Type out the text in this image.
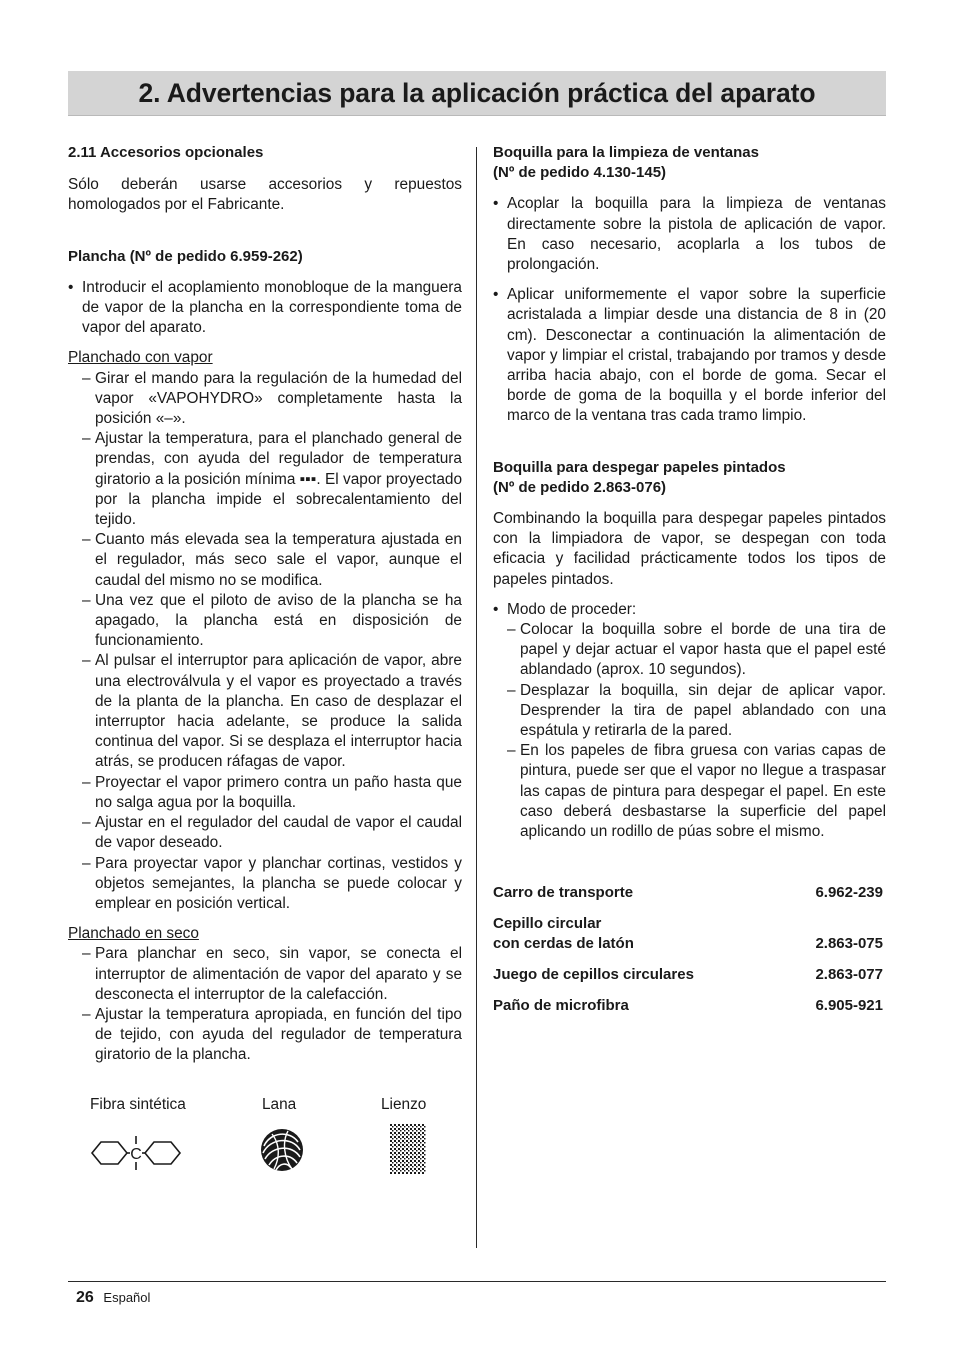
2. Advertencias para la aplicación práctica del aparato

2.11 Accesorios opcionales

Sólo deberán usarse accesorios y repuestos homologados por el Fabricante.

Plancha (Nº de pedido 6.959-262)

• Introducir el acoplamiento monobloque de la manguera de vapor de la plancha en la correspondiente toma de vapor del aparato.

Planchado con vapor

– Girar el mando para la regulación de la humedad del vapor «VAPOHYDRO» completamente hasta la posición «–».

– Ajustar la temperatura, para el planchado general de prendas, con ayuda del regulador de temperatura giratorio a la posición mínima ▪▪▪. El vapor proyectado por la plancha impide el sobrecalentamiento del tejido.

– Cuanto más elevada sea la temperatura ajustada en el regulador, más seco sale el vapor, aunque el caudal del mismo no se modifica.

– Una vez que el piloto de aviso de la plancha se ha apagado, la plancha está en disposición de funcionamiento.

– Al pulsar el interruptor para aplicación de vapor, abre una electroválvula y el vapor es proyectado a través de la planta de la plancha. En caso de desplazar el interruptor hacia adelante, se produce la salida continua del vapor. Si se desplaza el interruptor hacia atrás, se producen ráfagas de vapor.

– Proyectar el vapor primero contra un paño hasta que no salga agua por la boquilla.

– Ajustar en el regulador del caudal de vapor el caudal de vapor deseado.

– Para proyectar vapor y planchar cortinas, vestidos y objetos semejantes, la plancha se puede colocar y emplear en posición vertical.

Planchado en seco

– Para planchar en seco, sin vapor, se conecta el interruptor de alimentación de vapor del aparato y se desconecta el interruptor de la calefacción.

– Ajustar la temperatura apropiada, en función del tipo de tejido, con ayuda del regulador de temperatura giratorio de la plancha.

Fibra sintética	Lana	Lienzo
C

Boquilla para la limpieza de ventanas
(Nº de pedido 4.130-145)

• Acoplar la boquilla para la limpieza de ventanas directamente sobre la pistola de aplicación de vapor. En caso necesario, acoplarla a los tubos de prolongación.

• Aplicar uniformemente el vapor sobre la superficie acristalada a limpiar desde una distancia de 8 in (20 cm). Desconectar a continuación la alimentación de vapor y limpiar el cristal, trabajando por tramos y desde arriba hacia abajo, con el borde de goma. Secar el borde de goma de la boquilla y el borde inferior del marco de la ventana tras cada tramo limpio.

Boquilla para despegar papeles pintados
(Nº de pedido 2.863-076)

Combinando la boquilla para despegar papeles pintados con la limpiadora de vapor, se despegan con toda eficacia y facilidad prácticamente todos los tipos de papeles pintados.

• Modo de proceder:

– Colocar la boquilla sobre el borde de una tira de papel y dejar actuar el vapor hasta que el papel esté ablandado (aprox. 10 segundos).

– Desplazar la boquilla, sin dejar de aplicar vapor. Desprender la tira de papel ablandado con una espátula y retirarla de la pared.

– En los papeles de fibra gruesa con varias capas de pintura, puede ser que el vapor no llegue a traspasar las capas de pintura para despegar el papel. En este caso deberá desbastarse la superficie del papel aplicando un rodillo de púas sobre el mismo.

Carro de transporte	6.962-239
Cepillo circular
con cerdas de latón	2.863-075
Juego de cepillos circulares	2.863-077
Paño de microfibra	6.905-921
26 Español
